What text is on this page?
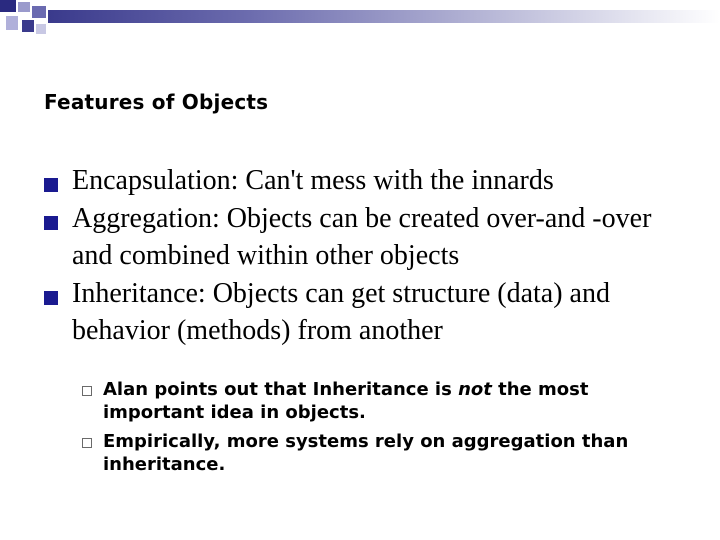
Features of Objects
Encapsulation: Can't mess with the innards
Aggregation: Objects can be created over-and -over and combined within other objects
Inheritance: Objects can get structure (data) and behavior (methods) from another
Alan points out that Inheritance is not the most important idea in objects.
Empirically, more systems rely on aggregation than inheritance.
